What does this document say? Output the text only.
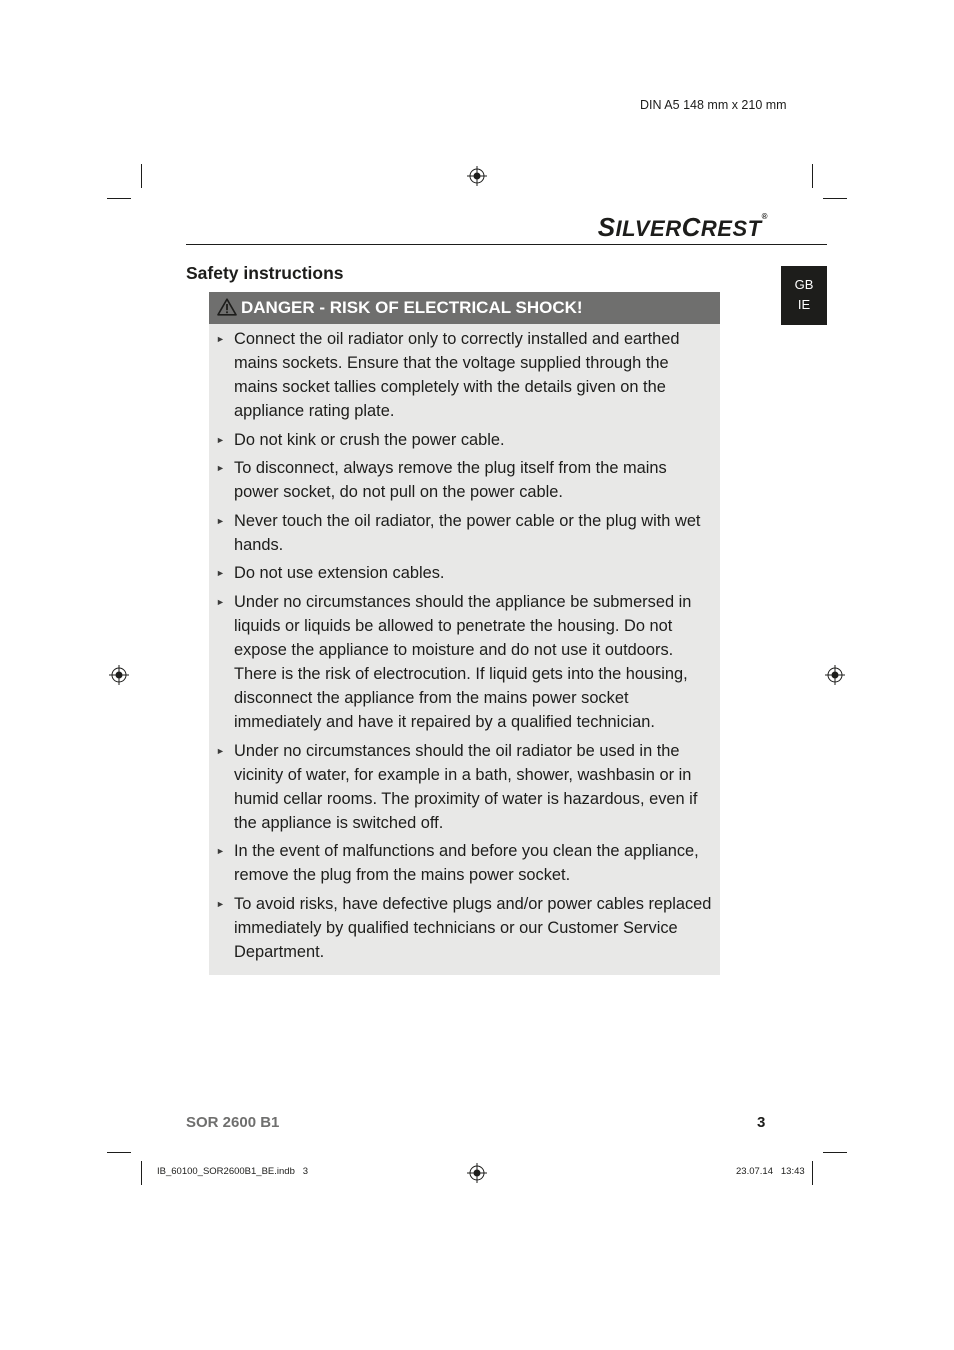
DIN A5 148 mm x 210 mm
SILVERCREST®
GB
IE
Safety instructions
DANGER - RISK OF ELECTRICAL SHOCK!
► Connect the oil radiator only to correctly installed and earthed mains sockets. Ensure that the voltage supplied through the mains socket tallies completely with the details given on the appliance rating plate.
► Do not kink or crush the power cable.
► To disconnect, always remove the plug itself from the mains power socket, do not pull on the power cable.
► Never touch the oil radiator, the power cable or the plug with wet hands.
► Do not use extension cables.
► Under no circumstances should the appliance be submersed in liquids or liquids be allowed to penetrate the housing. Do not expose the appliance to moisture and do not use it outdoors. There is the risk of electrocution. If liquid gets into the housing, disconnect the appliance from the mains power socket immediately and have it repaired by a qualified technician.
► Under no circumstances should the oil radiator be used in the vicinity of water, for example in a bath, shower, washbasin or in humid cellar rooms. The proximity of water is hazardous, even if the appliance is switched off.
► In the event of malfunctions and before you clean the appliance, remove the plug from the mains power socket.
► To avoid risks, have defective plugs and/or power cables replaced immediately by qualified technicians or our Customer Service Department.
SOR 2600 B1	3
IB_60100_SOR2600B1_BE.indb   3	23.07.14   13:43
